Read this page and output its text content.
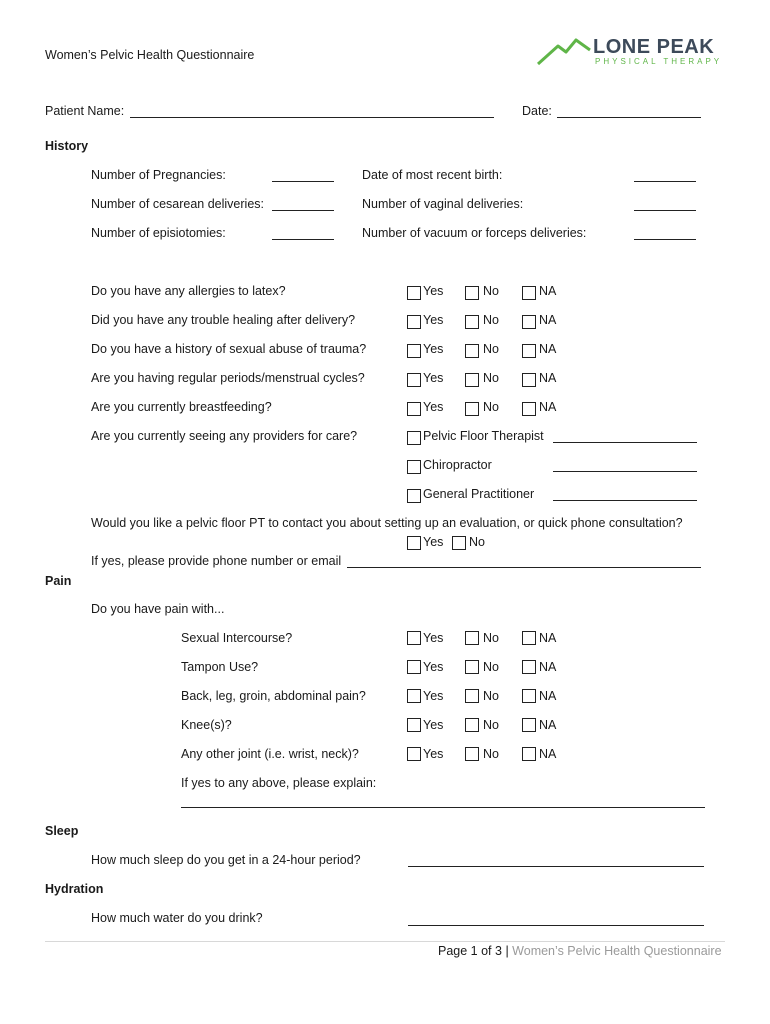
Women’s Pelvic Health Questionnaire	LONE PEAK
PHYSICAL THERAPY
Patient Name:	Date:
History
Number of Pregnancies:	Date of most recent birth:
Number of cesarean deliveries:	Number of vaginal deliveries:
Number of episiotomies:	Number of vacuum or forceps deliveries:
Do you have any allergies to latex?	Yes	No	NA
Did you have any trouble healing after delivery?	Yes	No	NA
Do you have a history of sexual abuse of trauma?	Yes	No	NA
Are you having regular periods/menstrual cycles?	Yes	No	NA
Are you currently breastfeeding?	Yes	No	NA
Are you currently seeing any providers for care?	Pelvic Floor Therapist
Chiropractor
General Practitioner
Would you like a pelvic floor PT to contact you about setting up an evaluation, or quick phone consultation?
Yes No
If yes, please provide phone number or email
Pain
Do you have pain with...
Sexual Intercourse?	Yes	No	NA
Tampon Use?	Yes	No	NA
Back, leg, groin, abdominal pain?	Yes	No	NA
Knee(s)?	Yes	No	NA
Any other joint (i.e. wrist, neck)?	Yes	No	NA
If yes to any above, please explain:
Sleep
How much sleep do you get in a 24-hour period?
Hydration
How much water do you drink?
Page 1 of 3 | Women’s Pelvic Health Questionnaire
